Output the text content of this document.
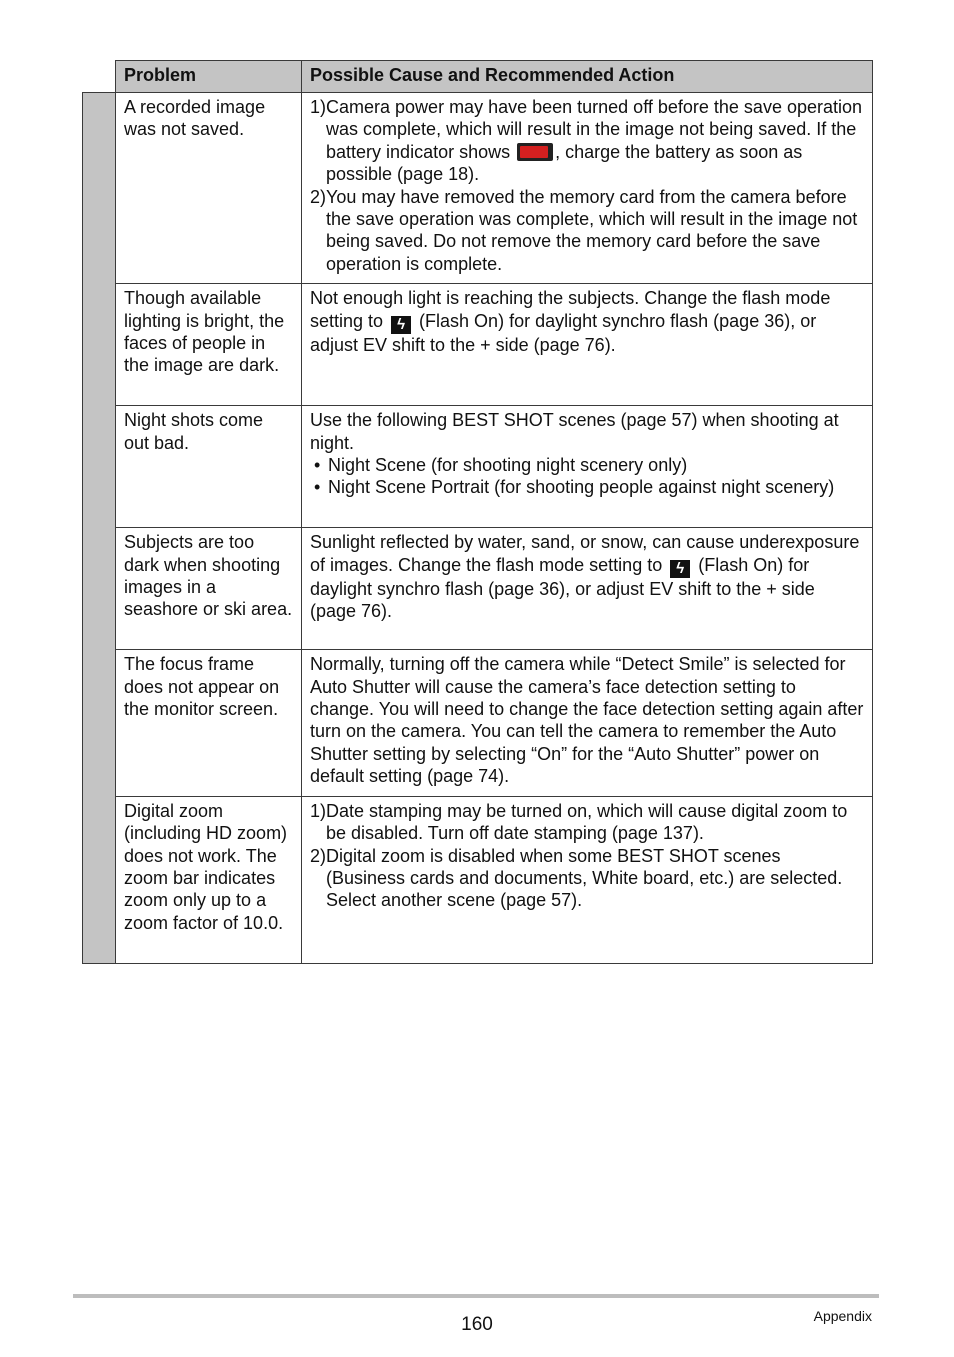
	Problem	Possible Cause and Recommended Action
	A recorded image was not saved.	1) Camera power may have been turned off before the save operation was complete, which will result in the image not being saved. If the battery indicator shows , charge the battery as soon as possible (page 18).
2) You may have removed the memory card from the camera before the save operation was complete, which will result in the image not being saved. Do not remove the memory card before the save operation is complete.

	Though available lighting is bright, the faces of people in the image are dark.	Not enough light is reaching the subjects. Change the flash mode setting to ϟ (Flash On) for daylight synchro flash (page 36), or adjust EV shift to the + side (page 76).
	Night shots come out bad.	Use the following BEST SHOT scenes (page 57) when shooting at night.
• Night Scene (for shooting night scenery only)
• Night Scene Portrait (for shooting people against night scenery)

	Subjects are too dark when shooting images in a seashore or ski area.	Sunlight reflected by water, sand, or snow, can cause underexposure of images. Change the flash mode setting to ϟ (Flash On) for daylight synchro flash (page 36), or adjust EV shift to the + side (page 76).
	The focus frame does not appear on the monitor screen.	Normally, turning off the camera while “Detect Smile” is selected for Auto Shutter will cause the camera’s face detection setting to change. You will need to change the face detection setting again after turn on the camera. You can tell the camera to remember the Auto Shutter setting by selecting “On” for the “Auto Shutter” power on default setting (page 74).
	Digital zoom (including HD zoom) does not work. The zoom bar indicates zoom only up to a zoom factor of 10.0.	1) Date stamping may be turned on, which will cause digital zoom to be disabled. Turn off date stamping (page 137).
2) Digital zoom is disabled when some BEST SHOT scenes (Business cards and documents, White board, etc.) are selected. Select another scene (page 57).
160	Appendix
